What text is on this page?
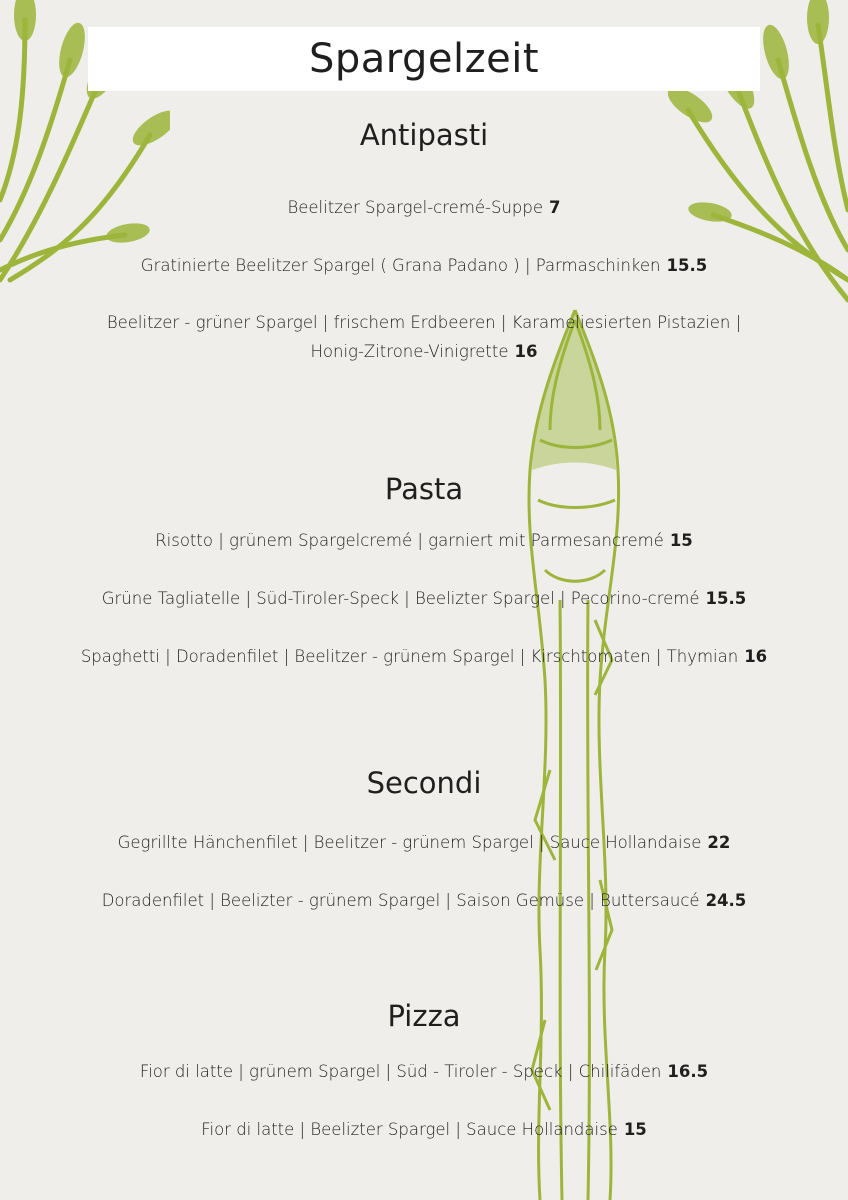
Spargelzeit
Antipasti

Beelitzer Spargel-cremé-Suppe 7

Gratinierte Beelitzer Spargel ( Grana Padano ) | Parmaschinken 15.5

Beelitzer - grüner Spargel | frischem Erdbeeren | Karameliesierten Pistazien |
Honig-Zitrone-Vinigrette 16

Pasta

Risotto | grünem Spargelcremé | garniert mit Parmesancremé 15

Grüne Tagliatelle | Süd-Tiroler-Speck | Beelizter Spargel | Pecorino-cremé 15.5

Spaghetti | Doradenfilet | Beelitzer - grünem Spargel | Kirschtomaten | Thymian 16

Secondi

Gegrillte Hänchenfilet | Beelitzer - grünem Spargel | Sauce Hollandaise 22

Doradenfilet | Beelizter - grünem Spargel | Saison Gemüse | Buttersaucé 24.5

Pizza

Fior di latte | grünem Spargel | Süd - Tiroler - Speck | Chilifäden 16.5

Fior di latte | Beelizter Spargel | Sauce Hollandaise 15
